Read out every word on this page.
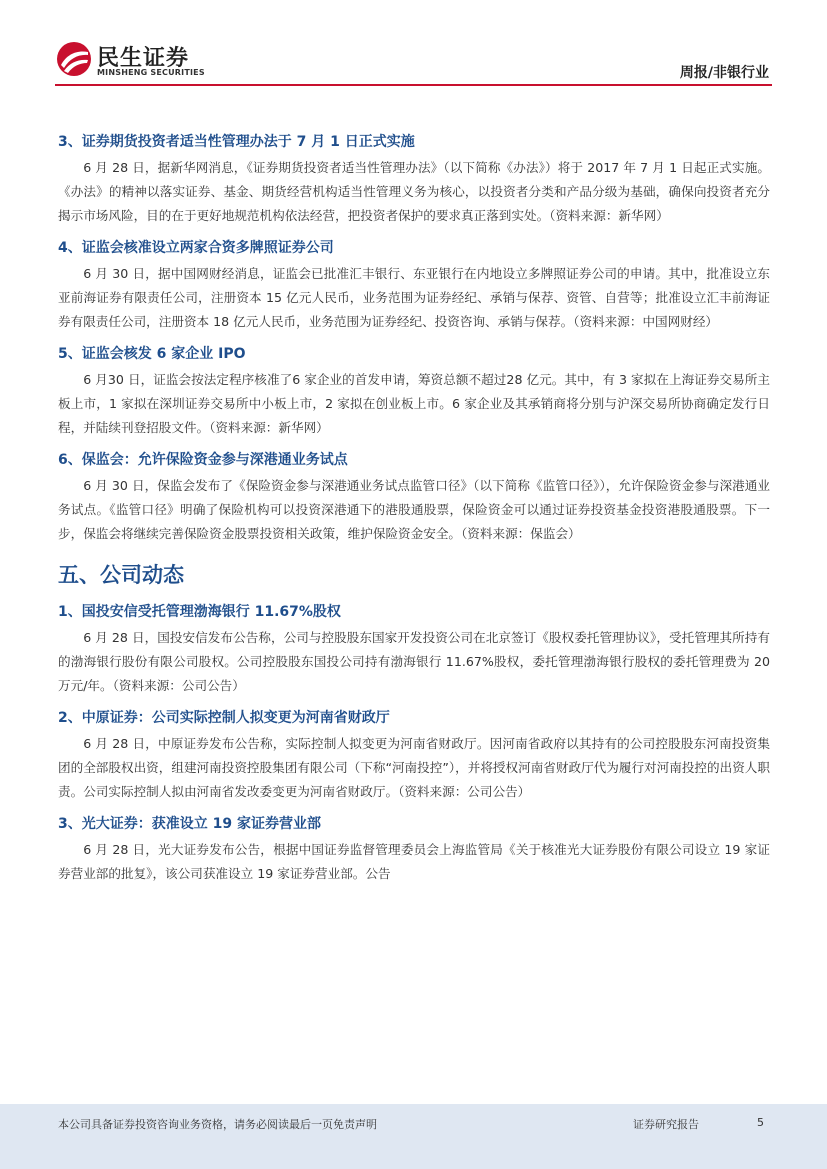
民生证券
MINSHENG SECURITIES	周报/非银行业
3、证券期货投资者适当性管理办法于 7 月 1 日正式实施

6 月 28 日，据新华网消息，《证券期货投资者适当性管理办法》（以下简称《办法》）将于 2017 年 7 月 1 日起正式实施。《办法》的精神以落实证券、基金、期货经营机构适当性管理义务为核心，以投资者分类和产品分级为基础，确保向投资者充分揭示市场风险，目的在于更好地规范机构依法经营，把投资者保护的要求真正落到实处。（资料来源：新华网）

4、证监会核准设立两家合资多牌照证券公司

6 月 30 日，据中国网财经消息，证监会已批准汇丰银行、东亚银行在内地设立多牌照证券公司的申请。其中，批准设立东亚前海证券有限责任公司，注册资本 15 亿元人民币，业务范围为证券经纪、承销与保荐、资管、自营等；批准设立汇丰前海证券有限责任公司，注册资本 18 亿元人民币，业务范围为证券经纪、投资咨询、承销与保荐。（资料来源：中国网财经）

5、证监会核发 6 家企业 IPO

6 月30 日，证监会按法定程序核准了6 家企业的首发申请，筹资总额不超过28 亿元。其中，有 3 家拟在上海证券交易所主板上市，1 家拟在深圳证券交易所中小板上市，2 家拟在创业板上市。6 家企业及其承销商将分别与沪深交易所协商确定发行日程，并陆续刊登招股文件。（资料来源：新华网）

6、保监会：允许保险资金参与深港通业务试点

6 月 30 日，保监会发布了《保险资金参与深港通业务试点监管口径》（以下简称《监管口径》），允许保险资金参与深港通业务试点。《监管口径》明确了保险机构可以投资深港通下的港股通股票，保险资金可以通过证券投资基金投资港股通股票。下一步，保监会将继续完善保险资金股票投资相关政策，维护保险资金安全。（资料来源：保监会）

五、公司动态
1、国投安信受托管理渤海银行 11.67%股权

6 月 28 日，国投安信发布公告称，公司与控股股东国家开发投资公司在北京签订《股权委托管理协议》，受托管理其所持有的渤海银行股份有限公司股权。公司控股股东国投公司持有渤海银行 11.67%股权，委托管理渤海银行股权的委托管理费为 20 万元/年。（资料来源：公司公告）

2、中原证券：公司实际控制人拟变更为河南省财政厅

6 月 28 日，中原证券发布公告称，实际控制人拟变更为河南省财政厅。因河南省政府以其持有的公司控股股东河南投资集团的全部股权出资，组建河南投资控股集团有限公司（下称“河南投控”），并将授权河南省财政厅代为履行对河南投控的出资人职责。公司实际控制人拟由河南省发改委变更为河南省财政厅。（资料来源：公司公告）

3、光大证券：获准设立 19 家证券营业部

6 月 28 日，光大证券发布公告，根据中国证券监督管理委员会上海监管局《关于核准光大证券股份有限公司设立 19 家证券营业部的批复》，该公司获准设立 19 家证券营业部。公告

本公司具备证券投资咨询业务资格，请务必阅读最后一页免责声明	证券研究报告	5
